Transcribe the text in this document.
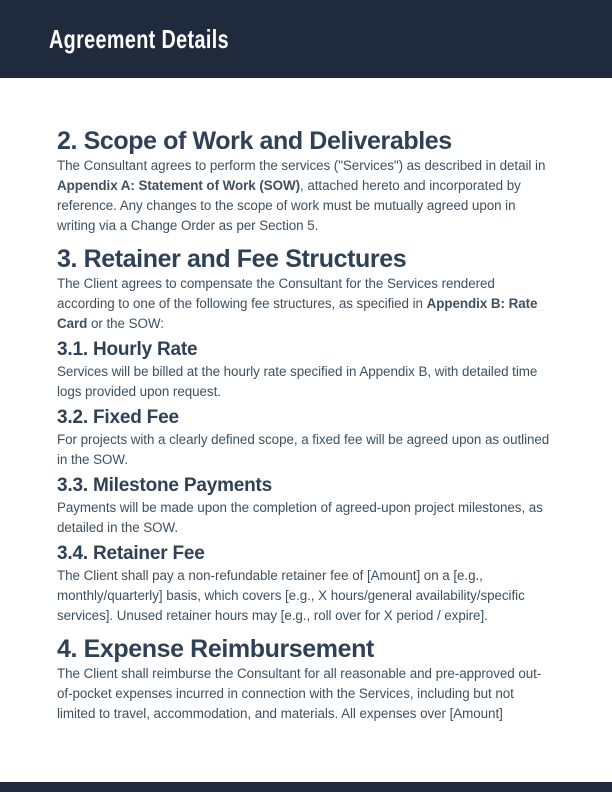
Agreement Details
2. Scope of Work and Deliverables

The Consultant agrees to perform the services ("Services") as described in detail in Appendix A: Statement of Work (SOW), attached hereto and incorporated by reference. Any changes to the scope of work must be mutually agreed upon in writing via a Change Order as per Section 5.

3. Retainer and Fee Structures

The Client agrees to compensate the Consultant for the Services rendered according to one of the following fee structures, as specified in Appendix B: Rate Card or the SOW:

3.1. Hourly Rate

Services will be billed at the hourly rate specified in Appendix B, with detailed time logs provided upon request.

3.2. Fixed Fee

For projects with a clearly defined scope, a fixed fee will be agreed upon as outlined in the SOW.

3.3. Milestone Payments

Payments will be made upon the completion of agreed-upon project milestones, as detailed in the SOW.

3.4. Retainer Fee

The Client shall pay a non-refundable retainer fee of [Amount] on a [e.g., monthly/quarterly] basis, which covers [e.g., X hours/general availability/specific services]. Unused retainer hours may [e.g., roll over for X period / expire].

4. Expense Reimbursement

The Client shall reimburse the Consultant for all reasonable and pre-approved out-of-pocket expenses incurred in connection with the Services, including but not limited to travel, accommodation, and materials. All expenses over [Amount]
